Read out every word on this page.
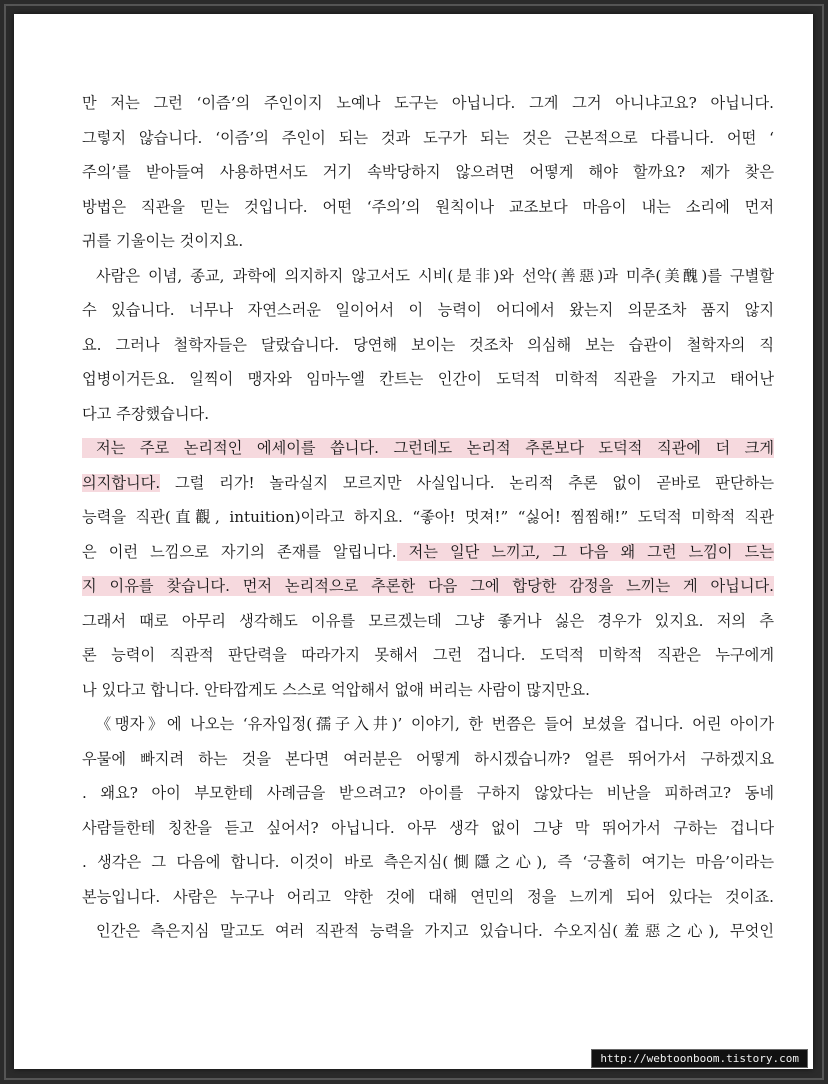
만 저는 그런 ‘이즘’의 주인이지 노예나 도구는 아닙니다. 그게 그거 아니냐고요? 아닙니다.
그렇지 않습니다. ‘이즘’의 주인이 되는 것과 도구가 되는 것은 근본적으로 다릅니다. 어떤 ‘
주의’를 받아들여 사용하면서도 거기 속박당하지 않으려면 어떻게 해야 할까요? 제가 찾은
방법은 직관을 믿는 것입니다. 어떤 ‘주의’의 원칙이나 교조보다 마음이 내는 소리에 먼저
귀를 기울이는 것이지요.
사람은 이념, 종교, 과학에 의지하지 않고서도 시비(是非)와 선악(善惡)과 미추(美醜)를 구별할
수 있습니다. 너무나 자연스러운 일이어서 이 능력이 어디에서 왔는지 의문조차 품지 않지
요. 그러나 철학자들은 달랐습니다. 당연해 보이는 것조차 의심해 보는 습관이 철학자의 직
업병이거든요. 일찍이 맹자와 임마누엘 칸트는 인간이 도덕적 미학적 직관을 가지고 태어난
다고 주장했습니다.
저는 주로 논리적인 에세이를 씁니다. 그런데도 논리적 추론보다 도덕적 직관에 더 크게
의지합니다. 그럴 리가! 놀라실지 모르지만 사실입니다. 논리적 추론 없이 곧바로 판단하는
능력을 직관(直觀, intuition)이라고 하지요. “좋아! 멋져!” “싫어! 찜찜해!” 도덕적 미학적 직관
은 이런 느낌으로 자기의 존재를 알립니다. 저는 일단 느끼고, 그 다음 왜 그런 느낌이 드는
지 이유를 찾습니다. 먼저 논리적으로 추론한 다음 그에 합당한 감정을 느끼는 게 아닙니다.
그래서 때로 아무리 생각해도 이유를 모르겠는데 그냥 좋거나 싫은 경우가 있지요. 저의 추
론 능력이 직관적 판단력을 따라가지 못해서 그런 겁니다. 도덕적 미학적 직관은 누구에게
나 있다고 합니다. 안타깝게도 스스로 억압해서 없애 버리는 사람이 많지만요.
《맹자》에 나오는 ‘유자입정(孺子入井)’ 이야기, 한 번쯤은 들어 보셨을 겁니다. 어린 아이가
우물에 빠지려 하는 것을 본다면 여러분은 어떻게 하시겠습니까? 얼른 뛰어가서 구하겠지요
. 왜요? 아이 부모한테 사례금을 받으려고? 아이를 구하지 않았다는 비난을 피하려고? 동네
사람들한테 칭찬을 듣고 싶어서? 아닙니다. 아무 생각 없이 그냥 막 뛰어가서 구하는 겁니다
. 생각은 그 다음에 합니다. 이것이 바로 측은지심(惻隱之心), 즉 ‘긍휼히 여기는 마음’이라는
본능입니다. 사람은 누구나 어리고 약한 것에 대해 연민의 정을 느끼게 되어 있다는 것이죠.
인간은 측은지심 말고도 여러 직관적 능력을 가지고 있습니다. 수오지심(羞惡之心), 무엇인
http://webtoonboom.tistory.com
